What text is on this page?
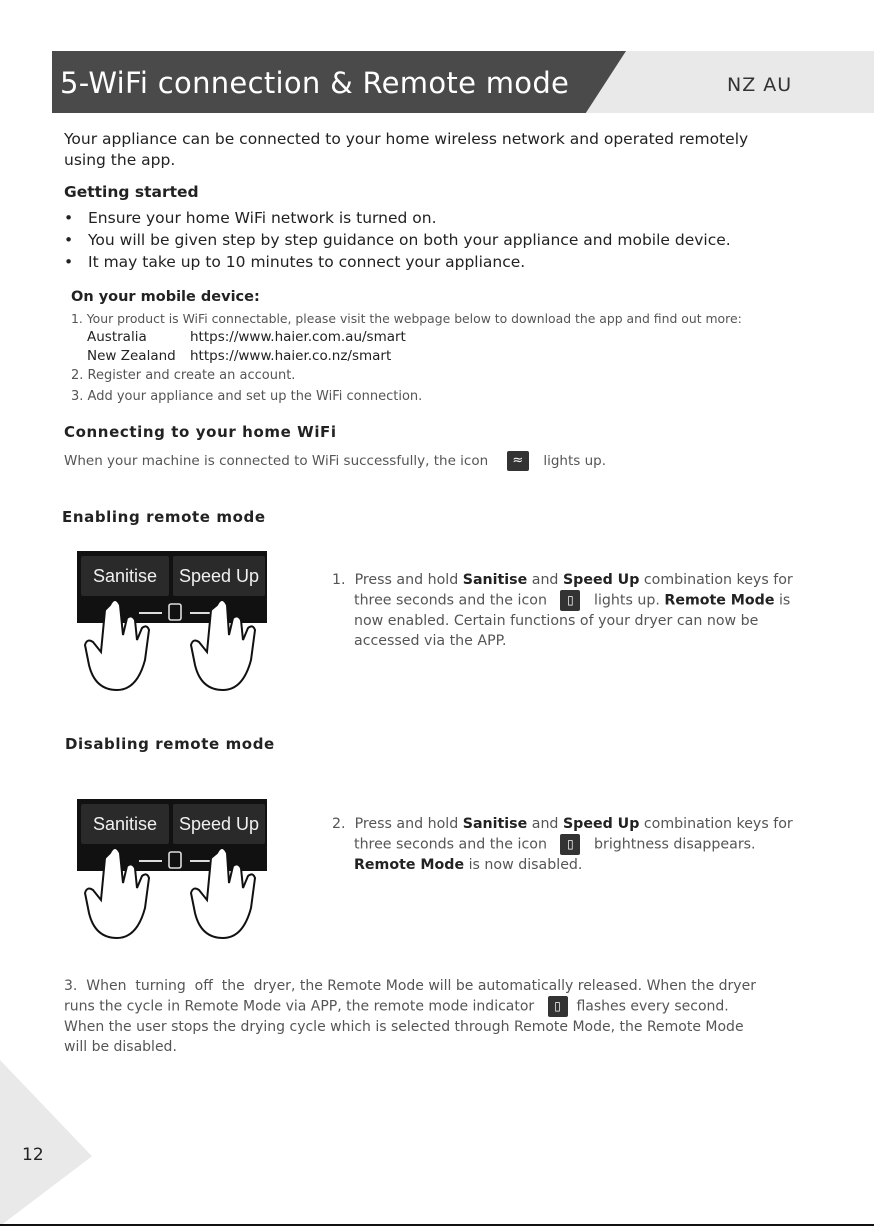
5-WiFi connection & Remote mode	NZ AU
Your appliance can be connected to your home wireless network and operated remotely
using the app.
Getting started
• Ensure your home WiFi network is turned on.
• You will be given step by step guidance on both your appliance and mobile device.
• It may take up to 10 minutes to connect your appliance.
On your mobile device:
1. Your product is WiFi connectable, please visit the webpage below to download the app and find out more:
Australia	https://www.haier.com.au/smart
New Zealand https://www.haier.co.nz/smart
2. Register and create an account.
3. Add your appliance and set up the WiFi connection.
Connecting to your home WiFi
When your machine is connected to WiFi successfully, the icon ≈ lights up.
Enabling remote mode
Sanitise	Speed Up	1. Press and hold Sanitise and Speed Up combination keys for
three seconds and the icon ▯ lights up. Remote Mode is
now enabled. Certain functions of your dryer can now be
accessed via the APP.
Disabling remote mode
Sanitise	Speed Up	2. Press and hold Sanitise and Speed Up combination keys for
three seconds and the icon ▯ brightness disappears.
Remote Mode is now disabled.
3.  When  turning  off  the  dryer, the Remote Mode will be automatically released. When the dryer
runs the cycle in Remote Mode via APP, the remote mode indicator ▯ flashes every second.
When the user stops the drying cycle which is selected through Remote Mode, the Remote Mode
will be disabled.
12
